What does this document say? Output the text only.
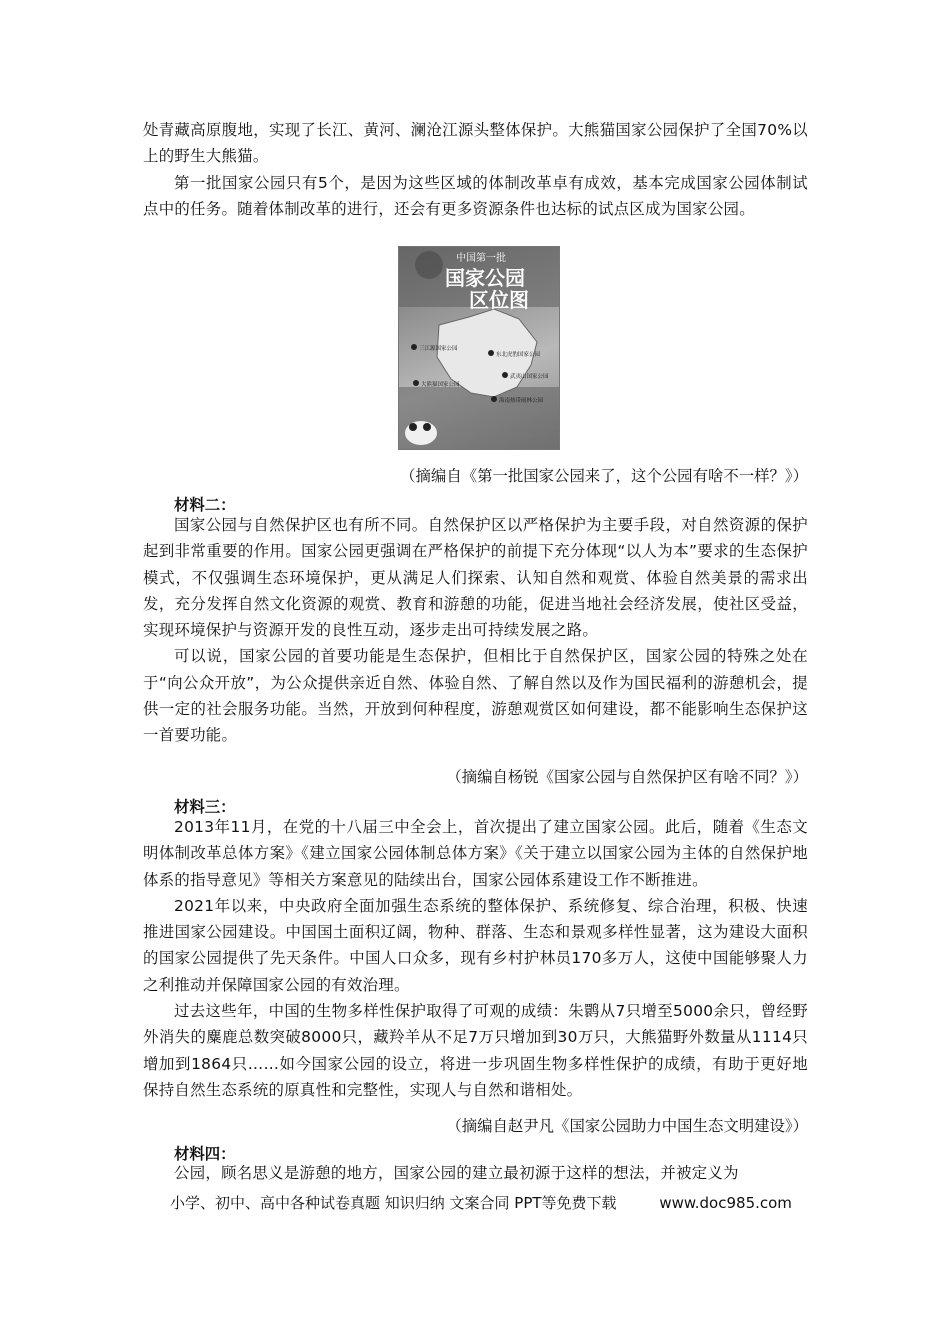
处青藏高原腹地，实现了长江、黄河、澜沧江源头整体保护。大熊猫国家公园保护了全国70%以上的野生大熊猫。

第一批国家公园只有5个，是因为这些区域的体制改革卓有成效，基本完成国家公园体制试点中的任务。随着体制改革的进行，还会有更多资源条件也达标的试点区成为国家公园。

中国第一批
国家公园
区位图
三江源国家公园
东北虎豹国家公园
武夷山国家公园
大熊猫国家公园
海南热带雨林公园
（摘编自《第一批国家公园来了，这个公园有啥不一样？》）
材料二：

国家公园与自然保护区也有所不同。自然保护区以严格保护为主要手段，对自然资源的保护起到非常重要的作用。国家公园更强调在严格保护的前提下充分体现“以人为本”要求的生态保护模式，不仅强调生态环境保护，更从满足人们探索、认知自然和观赏、体验自然美景的需求出发，充分发挥自然文化资源的观赏、教育和游憩的功能，促进当地社会经济发展，使社区受益，实现环境保护与资源开发的良性互动，逐步走出可持续发展之路。

可以说，国家公园的首要功能是生态保护，但相比于自然保护区，国家公园的特殊之处在于“向公众开放”，为公众提供亲近自然、体验自然、了解自然以及作为国民福利的游憩机会，提供一定的社会服务功能。当然，开放到何种程度，游憩观赏区如何建设，都不能影响生态保护这一首要功能。

（摘编自杨锐《国家公园与自然保护区有啥不同？》）
材料三：

2013年11月，在党的十八届三中全会上，首次提出了建立国家公园。此后，随着《生态文明体制改革总体方案》《建立国家公园体制总体方案》《关于建立以国家公园为主体的自然保护地体系的指导意见》等相关方案意见的陆续出台，国家公园体系建设工作不断推进。

2021年以来，中央政府全面加强生态系统的整体保护、系统修复、综合治理，积极、快速推进国家公园建设。中国国土面积辽阔，物种、群落、生态和景观多样性显著，这为建设大面积的国家公园提供了先天条件。中国人口众多，现有乡村护林员170多万人，这使中国能够聚人力之利推动并保障国家公园的有效治理。

过去这些年，中国的生物多样性保护取得了可观的成绩：朱鹮从7只增至5000余只，曾经野外消失的麋鹿总数突破8000只，藏羚羊从不足7万只增加到30万只，大熊猫野外数量从1114只增加到1864只……如今国家公园的设立，将进一步巩固生物多样性保护的成绩，有助于更好地保持自然生态系统的原真性和完整性，实现人与自然和谐相处。

（摘编自赵尹凡《国家公园助力中国生态文明建设》）
材料四：

公园，顾名思义是游憩的地方，国家公园的建立最初源于这样的想法，并被定义为

小学、初中、高中各种试卷真题 知识归纳 文案合同 PPT等免费下载	www.doc985.com
